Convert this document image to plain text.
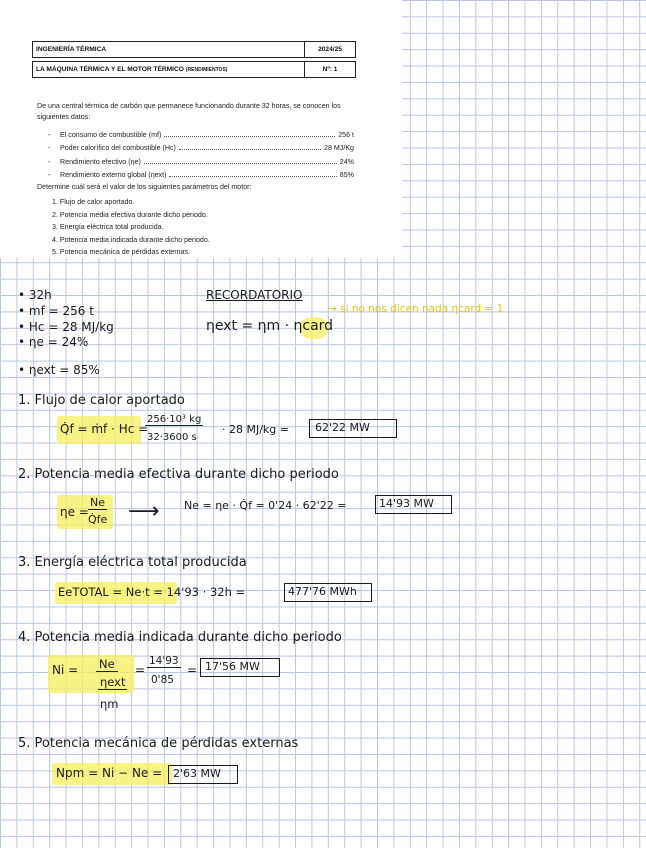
INGENIERÍA TÉRMICA	2024/25
LA MÁQUINA TÉRMICA Y EL MOTOR TÉRMICO (RENDIMIENTOS)	Nº: 1
De una central térmica de carbón que permanece funcionando durante 32 horas, se conocen los siguientes datos:
-	El consumo de combustible (mf)	256 t
-	Poder calorífico del combustible (Hc)	28 MJ/Kg
-	Rendimiento efectivo (ηe)	24%
-	Rendimiento externo global (ηext)	85%
Determine cuál será el valor de los siguientes parámetros del motor:
1. Flujo de calor aportado.
2. Potencia media efectiva durante dicho periodo.
3. Energía eléctrica total producida.
4. Potencia media indicada durante dicho periodo.
5. Potencia mecánica de pérdidas externas.
• 32h
• mf = 256 t
• Hc = 28 MJ/kg
• ηe = 24%
• ηext = 85%
RECORDATORIO
ηext = ηm · ηcard
→ si no nos dicen nada ηcard = 1
1. Flujo de calor aportado
Q̇f = ṁf · Hc =
256·10³ kg
32·3600 s
· 28 MJ/kg = 62'22 MW
2. Potencia media efectiva durante dicho periodo
ηe =
Ne
Q̇fe ⟶ Ne = ηe · Q̇f = 0'24 · 62'22 =	14'93 MW
3. Energía eléctrica total producida
EeTOTAL = Ne·t = 14'93 · 32h =	477'76 MWh
4. Potencia media indicada durante dicho periodo
Ni = Ne
ηext
ηm
=
14'93
0'85
= 17'56 MW
5. Potencia mecánica de pérdidas externas
Npm = Ni − Ne = 2'63 MW
